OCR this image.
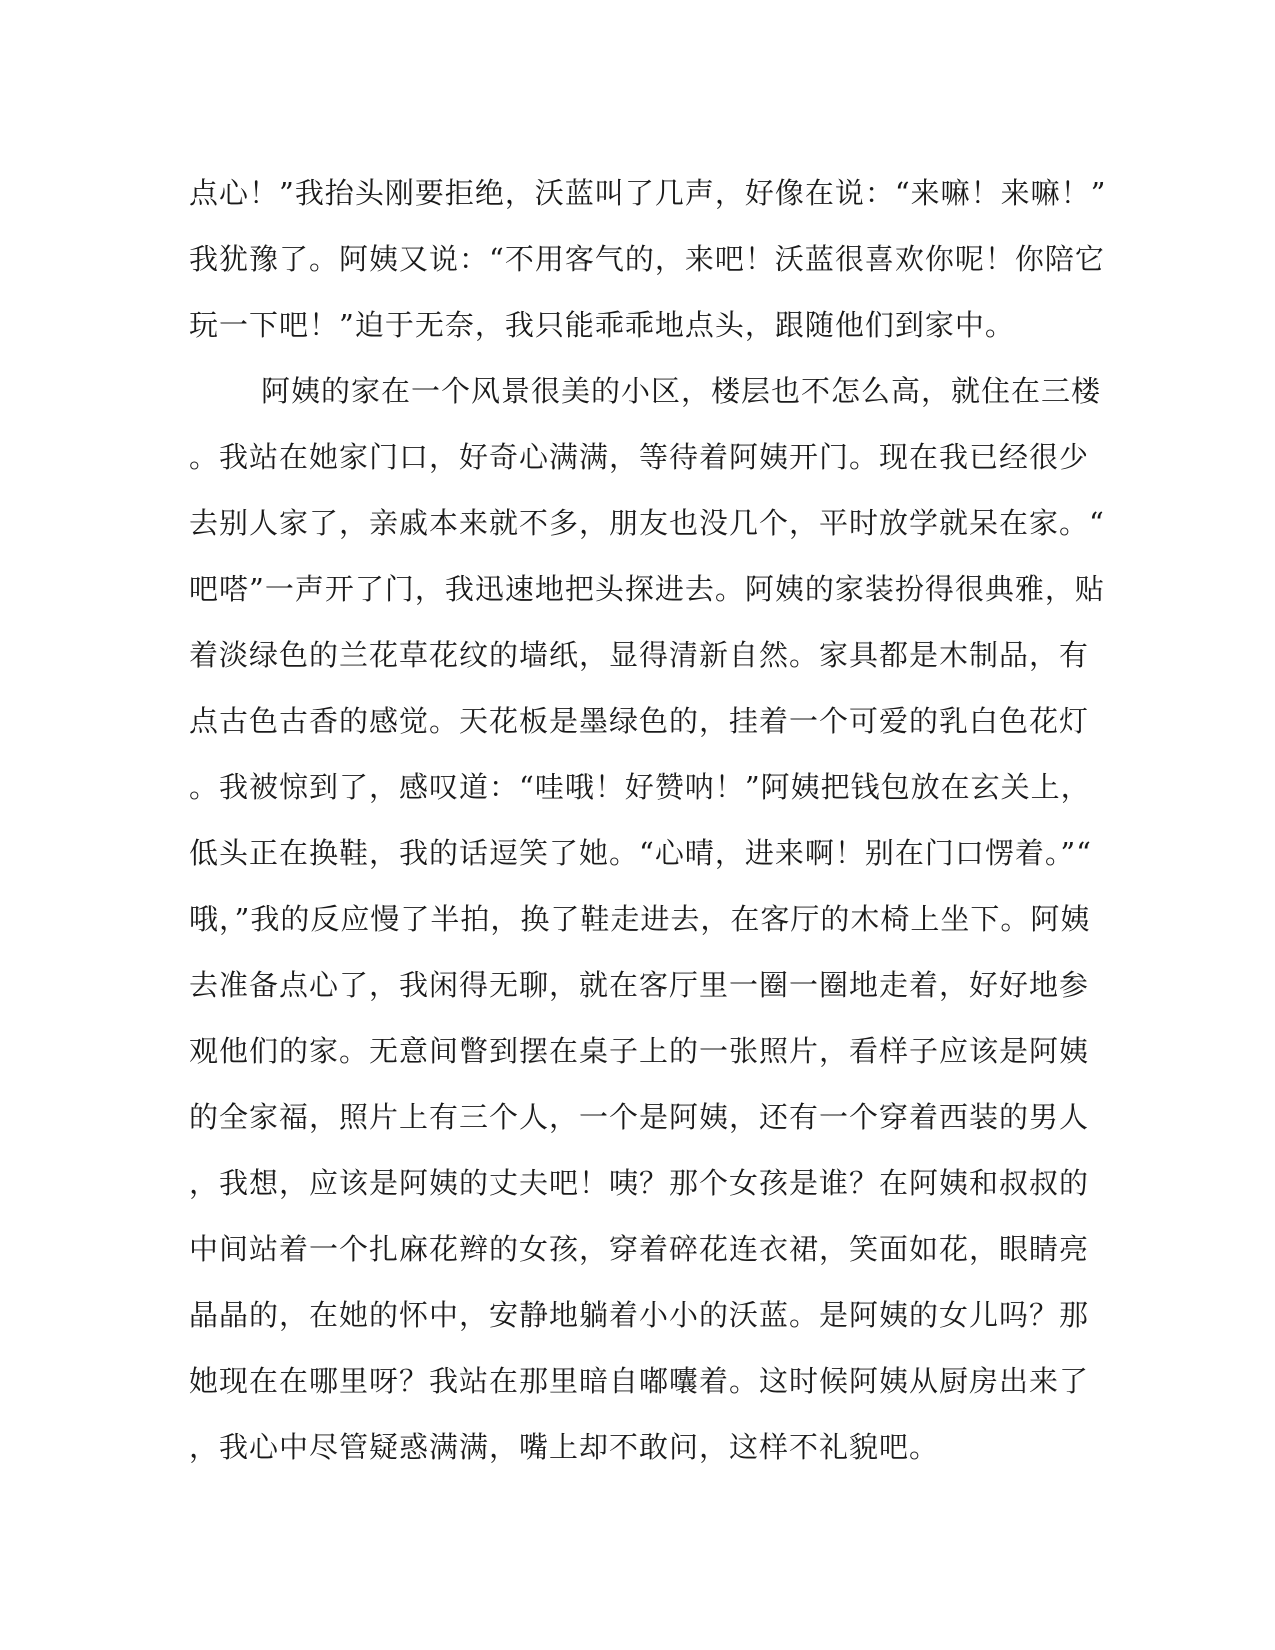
点心！”我抬头刚要拒绝，沃蓝叫了几声，好像在说：“来嘛！来嘛！”
我犹豫了。阿姨又说：“不用客气的，来吧！沃蓝很喜欢你呢！你陪它
玩一下吧！”迫于无奈，我只能乖乖地点头，跟随他们到家中。
阿姨的家在一个风景很美的小区，楼层也不怎么高，就住在三楼
。我站在她家门口，好奇心满满，等待着阿姨开门。现在我已经很少
去别人家了，亲戚本来就不多，朋友也没几个，平时放学就呆在家。“
吧嗒”一声开了门，我迅速地把头探进去。阿姨的家装扮得很典雅，贴
着淡绿色的兰花草花纹的墙纸，显得清新自然。家具都是木制品，有
点古色古香的感觉。天花板是墨绿色的，挂着一个可爱的乳白色花灯
。我被惊到了，感叹道：“哇哦！好赞呐！”阿姨把钱包放在玄关上，
低头正在换鞋，我的话逗笑了她。“心晴，进来啊！别在门口愣着。”“
哦，”我的反应慢了半拍，换了鞋走进去，在客厅的木椅上坐下。阿姨
去准备点心了，我闲得无聊，就在客厅里一圈一圈地走着，好好地参
观他们的家。无意间瞥到摆在桌子上的一张照片，看样子应该是阿姨
的全家福，照片上有三个人，一个是阿姨，还有一个穿着西装的男人
，我想，应该是阿姨的丈夫吧！咦？那个女孩是谁？在阿姨和叔叔的
中间站着一个扎麻花辫的女孩，穿着碎花连衣裙，笑面如花，眼睛亮
晶晶的，在她的怀中，安静地躺着小小的沃蓝。是阿姨的女儿吗？那
她现在在哪里呀？我站在那里暗自嘟囔着。这时候阿姨从厨房出来了
，我心中尽管疑惑满满，嘴上却不敢问，这样不礼貌吧。
